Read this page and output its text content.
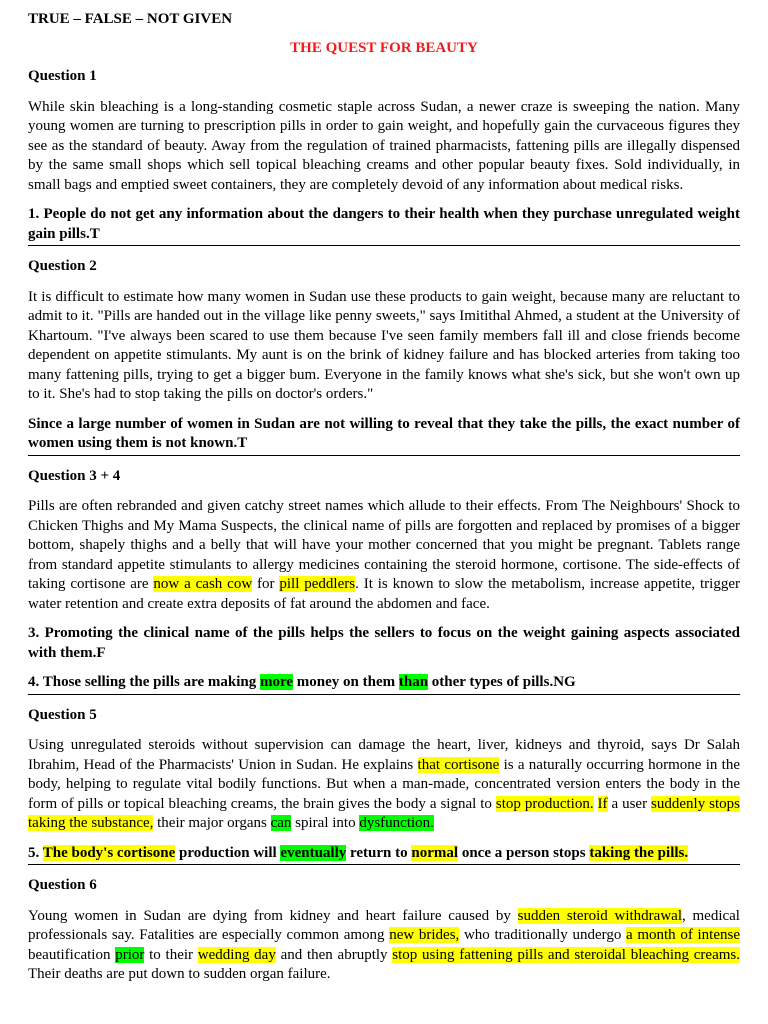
TRUE – FALSE – NOT GIVEN
THE QUEST FOR BEAUTY
Question 1
While skin bleaching is a long-standing cosmetic staple across Sudan, a newer craze is sweeping the nation. Many young women are turning to prescription pills in order to gain weight, and hopefully gain the curvaceous figures they see as the standard of beauty. Away from the regulation of trained pharmacists, fattening pills are illegally dispensed by the same small shops which sell topical bleaching creams and other popular beauty fixes. Sold individually, in small bags and emptied sweet containers, they are completely devoid of any information about medical risks.
1. People do not get any information about the dangers to their health when they purchase unregulated weight gain pills.T
Question 2
It is difficult to estimate how many women in Sudan use these products to gain weight, because many are reluctant to admit to it. "Pills are handed out in the village like penny sweets," says Imitithal Ahmed, a student at the University of Khartoum. "I've always been scared to use them because I've seen family members fall ill and close friends become dependent on appetite stimulants. My aunt is on the brink of kidney failure and has blocked arteries from taking too many fattening pills, trying to get a bigger bum. Everyone in the family knows what she's sick, but she won't own up to it. She's had to stop taking the pills on doctor's orders."
Since a large number of women in Sudan are not willing to reveal that they take the pills, the exact number of women using them is not known.T
Question 3 + 4
Pills are often rebranded and given catchy street names which allude to their effects. From The Neighbours' Shock to Chicken Thighs and My Mama Suspects, the clinical name of pills are forgotten and replaced by promises of a bigger bottom, shapely thighs and a belly that will have your mother concerned that you might be pregnant. Tablets range from standard appetite stimulants to allergy medicines containing the steroid hormone, cortisone. The side-effects of taking cortisone are now a cash cow for pill peddlers. It is known to slow the metabolism, increase appetite, trigger water retention and create extra deposits of fat around the abdomen and face.
3. Promoting the clinical name of the pills helps the sellers to focus on the weight gaining aspects associated with them.F
4. Those selling the pills are making more money on them than other types of pills.NG
Question 5
Using unregulated steroids without supervision can damage the heart, liver, kidneys and thyroid, says Dr Salah Ibrahim, Head of the Pharmacists' Union in Sudan. He explains that cortisone is a naturally occurring hormone in the body, helping to regulate vital bodily functions. But when a man-made, concentrated version enters the body in the form of pills or topical bleaching creams, the brain gives the body a signal to stop production. If a user suddenly stops taking the substance, their major organs can spiral into dysfunction.
5. The body's cortisone production will eventually return to normal once a person stops taking the pills.
Question 6
Young women in Sudan are dying from kidney and heart failure caused by sudden steroid withdrawal, medical professionals say. Fatalities are especially common among new brides, who traditionally undergo a month of intense beautification prior to their wedding day and then abruptly stop using fattening pills and steroidal bleaching creams. Their deaths are put down to sudden organ failure.
